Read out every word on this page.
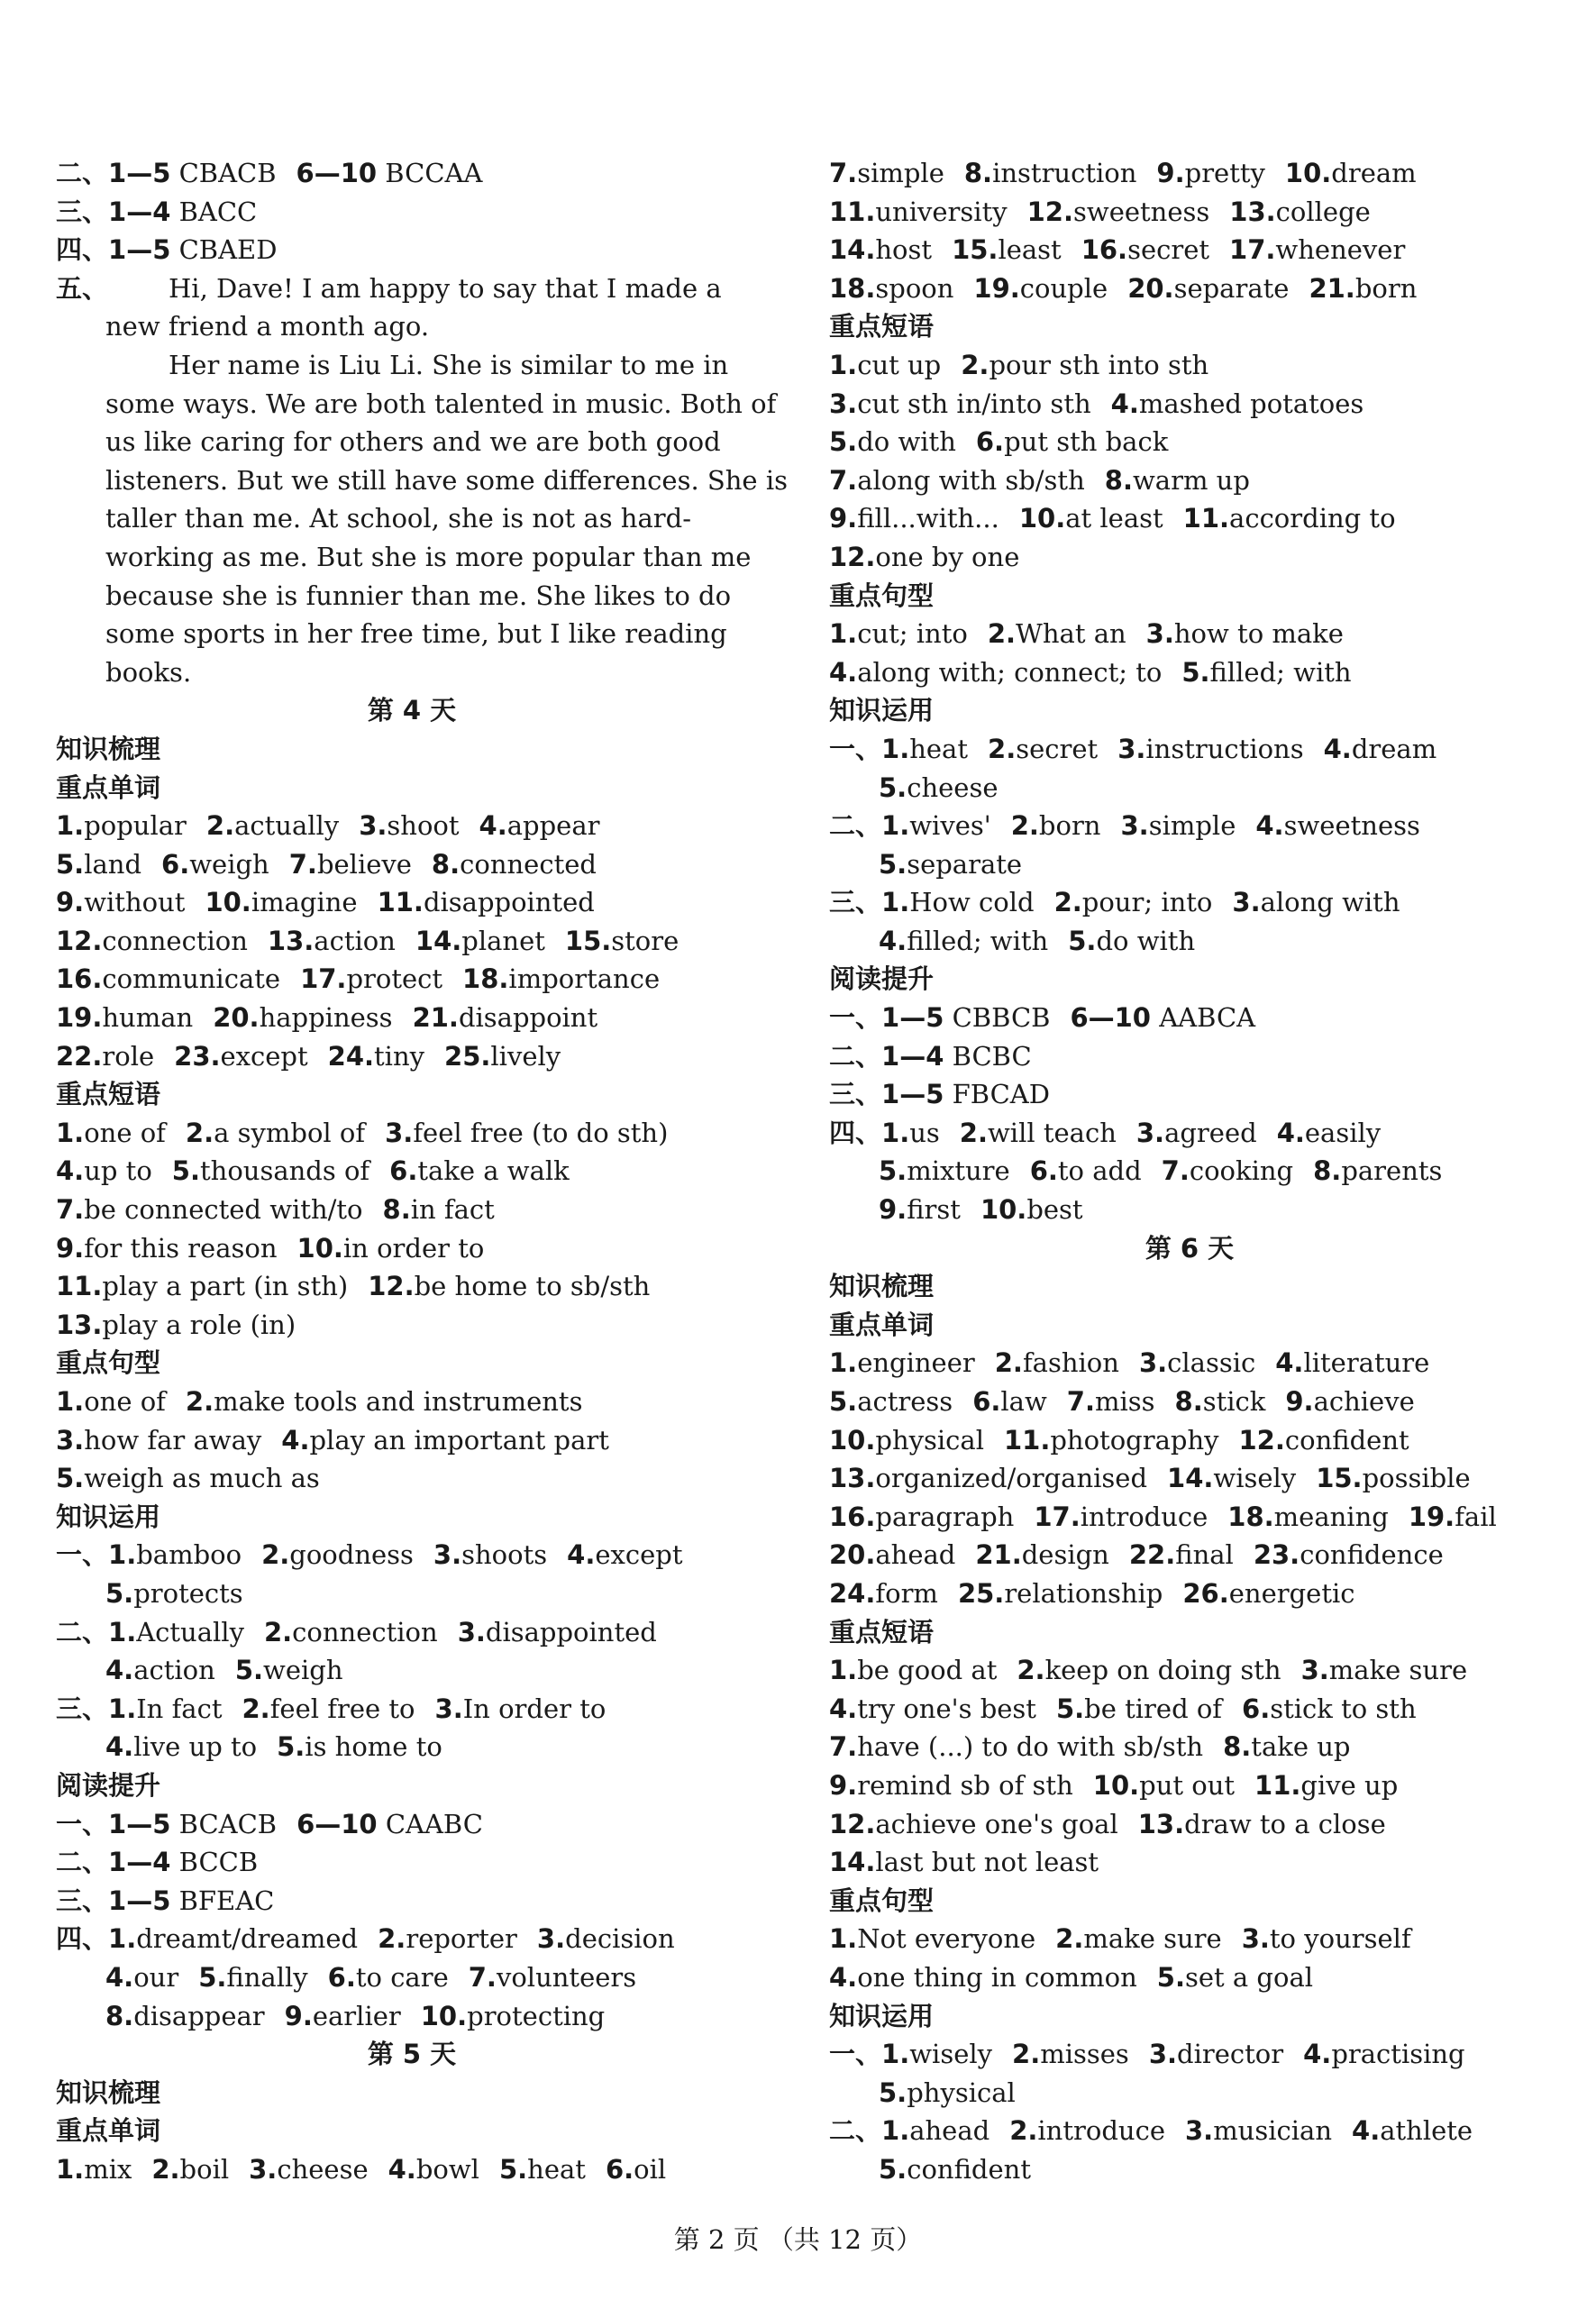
二、1—5 CBACB 6—10 BCCAA
三、1—4 BACC
四、1—5 CBAED
五、 Hi, Dave! I am happy to say that I made a
new friend a month ago.
Her name is Liu Li. She is similar to me in
some ways. We are both talented in music. Both of
us like caring for others and we are both good
listeners. But we still have some differences. She is
taller than me. At school, she is not as hard-
working as me. But she is more popular than me
because she is funnier than me. She likes to do
some sports in her free time, but I like reading
books.
第 4 天
知识梳理
重点单词
1.popular 2.actually 3.shoot 4.appear
5.land 6.weigh 7.believe 8.connected
9.without 10.imagine 11.disappointed
12.connection 13.action 14.planet 15.store
16.communicate 17.protect 18.importance
19.human 20.happiness 21.disappoint
22.role 23.except 24.tiny 25.lively
重点短语
1.one of 2.a symbol of 3.feel free (to do sth)
4.up to 5.thousands of 6.take a walk
7.be connected with/to 8.in fact
9.for this reason 10.in order to
11.play a part (in sth) 12.be home to sb/sth
13.play a role (in)
重点句型
1.one of 2.make tools and instruments
3.how far away 4.play an important part
5.weigh as much as
知识运用
一、1.bamboo 2.goodness 3.shoots 4.except
5.protects
二、1.Actually 2.connection 3.disappointed
4.action 5.weigh
三、1.In fact 2.feel free to 3.In order to
4.live up to 5.is home to
阅读提升
一、1—5 BCACB 6—10 CAABC
二、1—4 BCCB
三、1—5 BFEAC
四、1.dreamt/dreamed 2.reporter 3.decision
4.our 5.finally 6.to care 7.volunteers
8.disappear 9.earlier 10.protecting
第 5 天
知识梳理
重点单词
1.mix 2.boil 3.cheese 4.bowl 5.heat 6.oil
7.simple 8.instruction 9.pretty 10.dream
11.university 12.sweetness 13.college
14.host 15.least 16.secret 17.whenever
18.spoon 19.couple 20.separate 21.born
重点短语
1.cut up 2.pour sth into sth
3.cut sth in/into sth 4.mashed potatoes
5.do with 6.put sth back
7.along with sb/sth 8.warm up
9.fill...with... 10.at least 11.according to
12.one by one
重点句型
1.cut; into 2.What an 3.how to make
4.along with; connect; to 5.filled; with
知识运用
一、1.heat 2.secret 3.instructions 4.dream
5.cheese
二、1.wives' 2.born 3.simple 4.sweetness
5.separate
三、1.How cold 2.pour; into 3.along with
4.filled; with 5.do with
阅读提升
一、1—5 CBBCB 6—10 AABCA
二、1—4 BCBC
三、1—5 FBCAD
四、1.us 2.will teach 3.agreed 4.easily
5.mixture 6.to add 7.cooking 8.parents
9.first 10.best
第 6 天
知识梳理
重点单词
1.engineer 2.fashion 3.classic 4.literature
5.actress 6.law 7.miss 8.stick 9.achieve
10.physical 11.photography 12.confident
13.organized/organised 14.wisely 15.possible
16.paragraph 17.introduce 18.meaning 19.fail
20.ahead 21.design 22.final 23.confidence
24.form 25.relationship 26.energetic
重点短语
1.be good at 2.keep on doing sth 3.make sure
4.try one's best 5.be tired of 6.stick to sth
7.have (...) to do with sb/sth 8.take up
9.remind sb of sth 10.put out 11.give up
12.achieve one's goal 13.draw to a close
14.last but not least
重点句型
1.Not everyone 2.make sure 3.to yourself
4.one thing in common 5.set a goal
知识运用
一、1.wisely 2.misses 3.director 4.practising
5.physical
二、1.ahead 2.introduce 3.musician 4.athlete
5.confident
第 2 页 （共 12 页）
